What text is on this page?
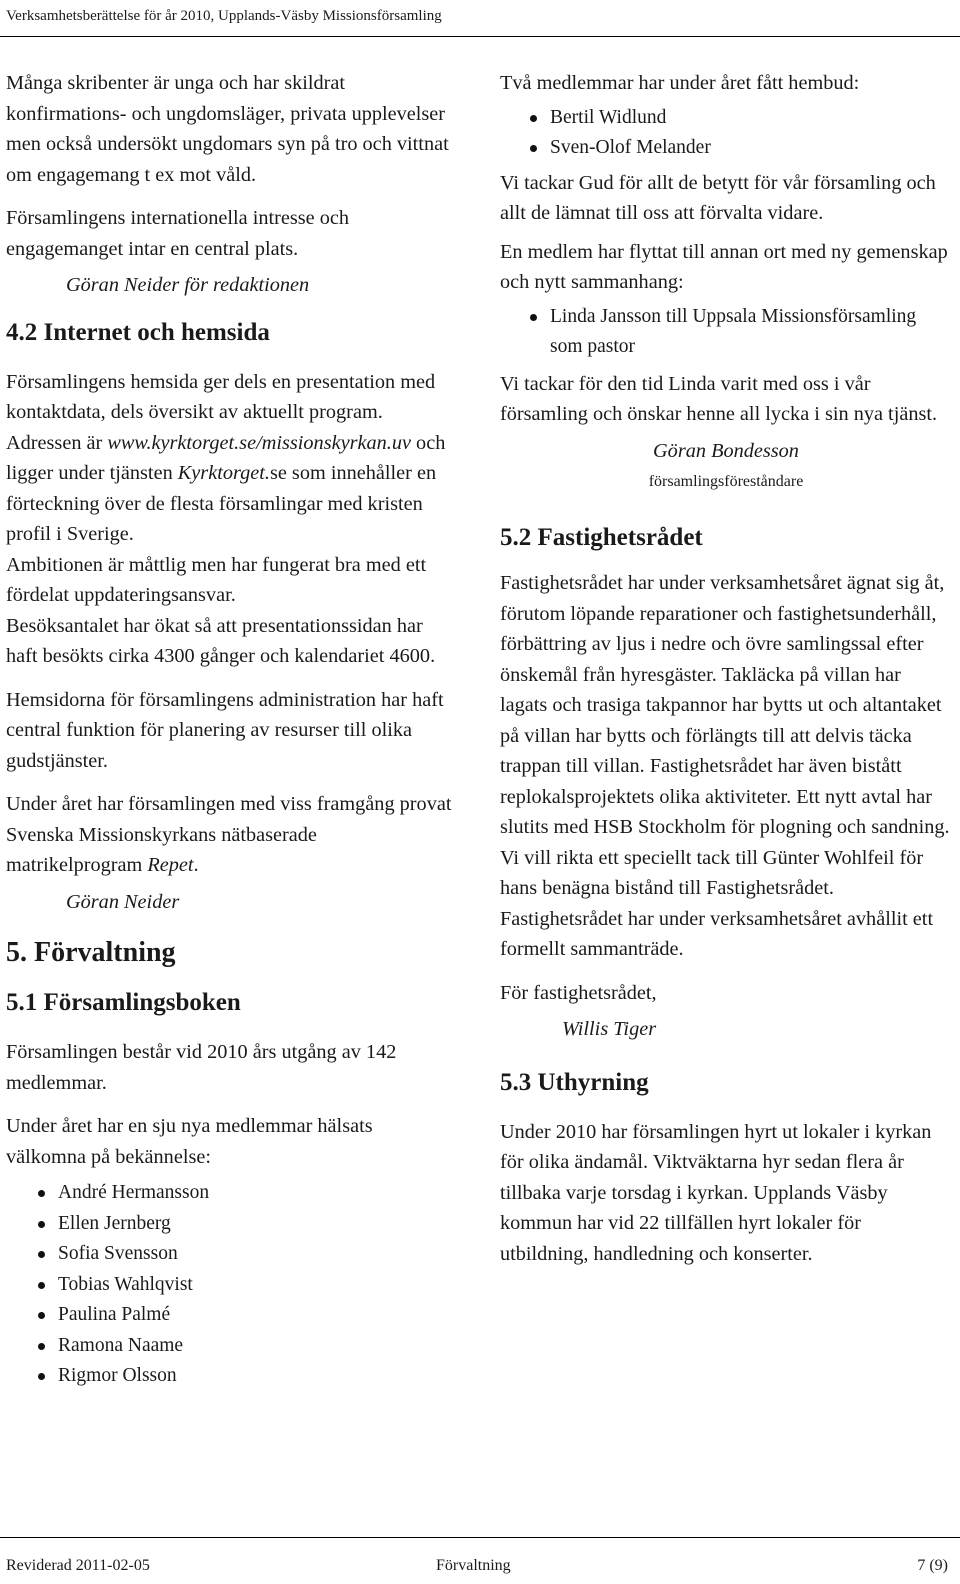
Verksamhetsberättelse för år 2010, Upplands-Väsby Missionsförsamling

Många skribenter är unga och har skildrat konfirmations- och ungdomsläger, privata upplevelser men också undersökt ungdomars syn på tro och vittnat om engagemang t ex mot våld.

Församlingens internationella intresse och engagemanget intar en central plats.

Göran Neider för redaktionen
4.2 Internet och hemsida

Församlingens hemsida ger dels en presentation med kontaktdata, dels översikt av aktuellt program. Adressen är www.kyrktorget.se/missionskyrkan.uv och ligger under tjänsten Kyrktorget.se som innehåller en förteckning över de flesta församlingar med kristen profil i Sverige.

Ambitionen är måttlig men har fungerat bra med ett fördelat uppdateringsansvar.

Besöksantalet har ökat så att presentationssidan har haft besökts cirka 4300 gånger och kalendariet 4600.

Hemsidorna för församlingens administration har haft central funktion för planering av resurser till olika gudstjänster.

Under året har församlingen med viss framgång provat Svenska Missionskyrkans nätbaserade matrikelprogram Repet.

Göran Neider
5. Förvaltning
5.1 Församlingsboken

Församlingen består vid 2010 års utgång av 142 medlemmar.

Under året har en sju nya medlemmar hälsats välkomna på bekännelse:

André Hermansson
Ellen Jernberg
Sofia Svensson
Tobias Wahlqvist
Paulina Palmé
Ramona Naame
Rigmor Olsson

Två medlemmar har under året fått hembud:

Bertil Widlund
Sven-Olof Melander

Vi tackar Gud för allt de betytt för vår församling och allt de lämnat till oss att förvalta vidare.

En medlem har flyttat till annan ort med ny gemenskap och nytt sammanhang:

Linda Jansson till Uppsala Missionsförsamling som pastor

Vi tackar för den tid Linda varit med oss i vår församling och önskar henne all lycka i sin nya tjänst.

Göran Bondesson
församlingsföreståndare
5.2 Fastighetsrådet

Fastighetsrådet har under verksamhetsåret ägnat sig åt, förutom löpande reparationer och fastighetsunderhåll, förbättring av ljus i nedre och övre samlingssal efter önskemål från hyresgäster. Takläcka på villan har lagats och trasiga takpannor har bytts ut och altantaket på villan har bytts och förlängts till att delvis täcka trappan till villan. Fastighetsrådet har även bistått replokalsprojektets olika aktiviteter. Ett nytt avtal har slutits med HSB Stockholm för plogning och sandning. Vi vill rikta ett speciellt tack till Günter Wohlfeil för hans benägna bistånd till Fastighetsrådet. Fastighetsrådet har under verksamhetsåret avhållit ett formellt sammanträde.

För fastighetsrådet,

Willis Tiger
5.3 Uthyrning

Under 2010 har församlingen hyrt ut lokaler i kyrkan för olika ändamål. Viktväktarna hyr sedan flera år tillbaka varje torsdag i kyrkan. Upplands Väsby kommun har vid 22 tillfällen hyrt lokaler för utbildning, handledning och konserter.

Reviderad 2011-02-05	Förvaltning	7 (9)
